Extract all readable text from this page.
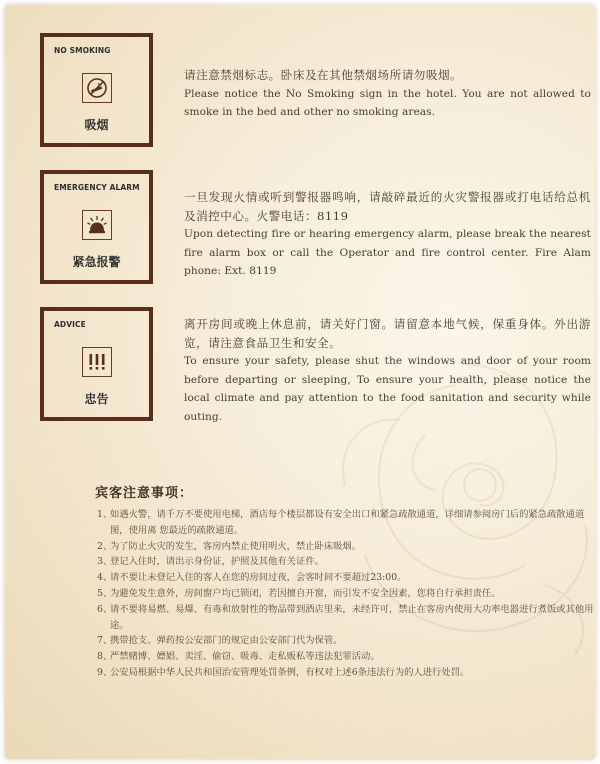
NO SMOKING
吸烟
请注意禁烟标志。卧床及在其他禁烟场所请勿吸烟。
Please notice the No Smoking sign in the hotel. You are not allowed to smoke in the bed and other no smoking areas.
EMERGENCY ALARM
紧急报警
一旦发现火情或听到警报器鸣响，请敲碎最近的火灾警报器或打电话给总机及消控中心。火警电话：8119
Upon detecting fire or hearing emergency alarm, please break the nearest fire alarm box or call the Operator and fire control center. Fire Alam phone: Ext. 8119
ADVICE
忠告
离开房间或晚上休息前，请关好门窗。请留意本地气候，保重身体。外出游览，请注意食品卫生和安全。
To ensure your safety, please shut the windows and door of your room before departing or sleeping, To ensure your health, please notice the local climate and pay attention to the food sanitation and security while outing.
宾客注意事项：
1、
如遇火警，请千万不要使用电梯，酒店每个楼层都设有安全出口和紧急疏散通道，详细请参阅房门后的紧急疏散通道图，使用离 您最近的疏散通道。
2、
为了防止火灾的发生，客房内禁止使用明火，禁止卧床吸烟。
3、
登记入住时，请出示身份证，护照及其他有关证件。
4、
请不要让未登记入住的客人在您的房间过夜，会客时间不要超过23:00。
5、
为避免发生意外，房间窗户均已锁闭，若因擅自开窗，而引发不安全因素，您将自行承担责任。
6、
请不要将易燃、易爆、有毒和放射性的物品带到酒店里来，未经许可，禁止在客房内使用大功率电器进行煮饭或其他用途。
7、
携带抢支、弹药按公安部门的规定由公安部门代为保管。
8、
严禁赌博、嫖娼、卖淫、偷窃、吸毒、走私贩私等违法犯罪活动。
9、
公安局根据中华人民共和国治安管理处罚条例，有权对上述6条违法行为的人进行处罚。
